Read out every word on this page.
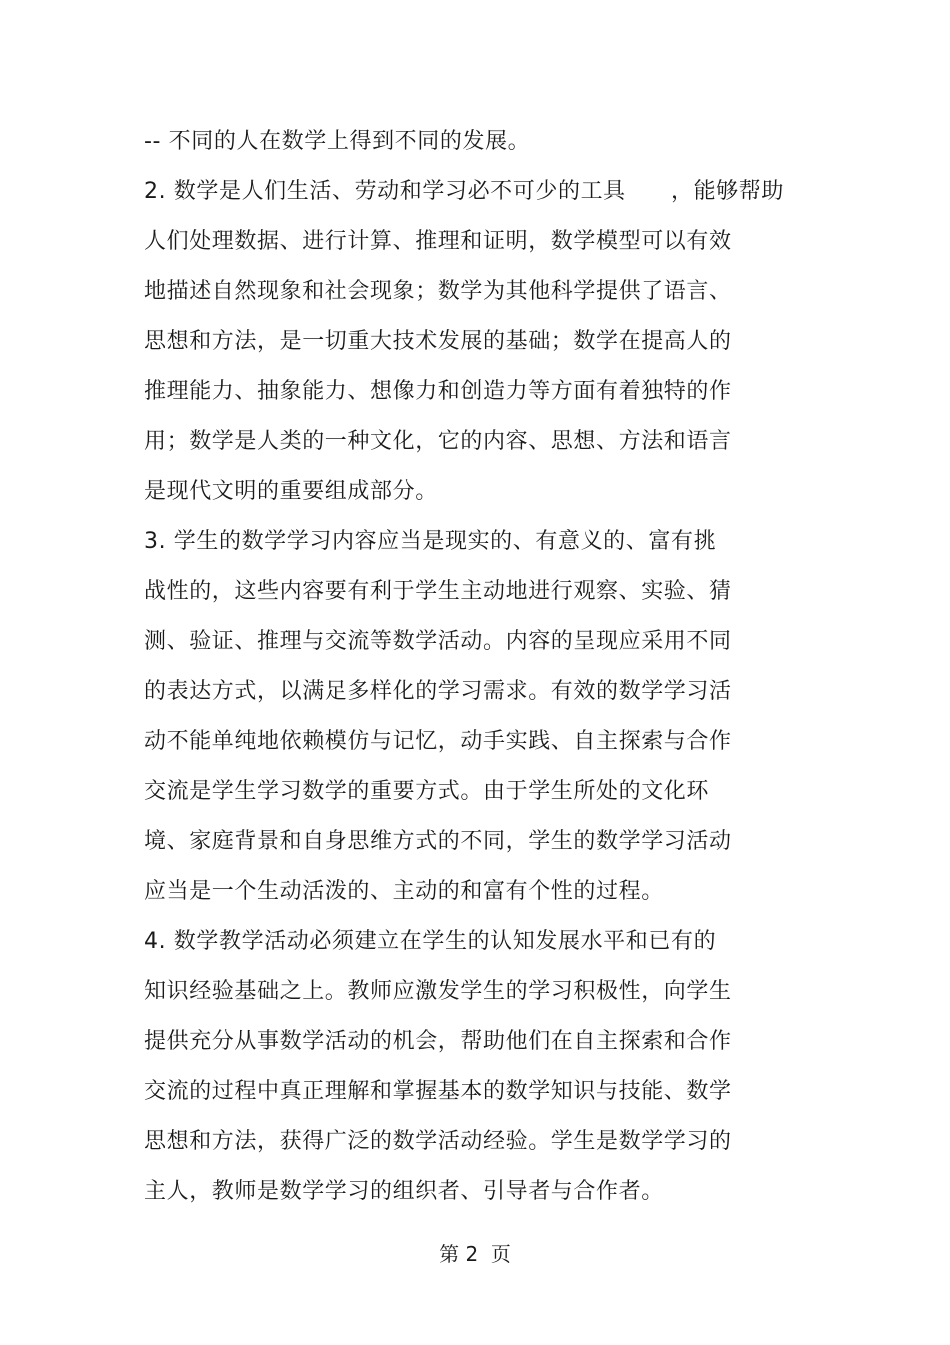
-- 不同的人在数学上得到不同的发展。
2. 数学是人们生活、劳动和学习必不可少的工具　　，能够帮助
人们处理数据、进行计算、推理和证明，数学模型可以有效
地描述自然现象和社会现象；数学为其他科学提供了语言、
思想和方法，是一切重大技术发展的基础；数学在提高人的
推理能力、抽象能力、想像力和创造力等方面有着独特的作
用；数学是人类的一种文化，它的内容、思想、方法和语言
是现代文明的重要组成部分。
3. 学生的数学学习内容应当是现实的、有意义的、富有挑
战性的，这些内容要有利于学生主动地进行观察、实验、猜
测、验证、推理与交流等数学活动。内容的呈现应采用不同
的表达方式，以满足多样化的学习需求。有效的数学学习活
动不能单纯地依赖模仿与记忆，动手实践、自主探索与合作
交流是学生学习数学的重要方式。由于学生所处的文化环
境、家庭背景和自身思维方式的不同，学生的数学学习活动
应当是一个生动活泼的、主动的和富有个性的过程。
4. 数学教学活动必须建立在学生的认知发展水平和已有的
知识经验基础之上。教师应激发学生的学习积极性，向学生
提供充分从事数学活动的机会，帮助他们在自主探索和合作
交流的过程中真正理解和掌握基本的数学知识与技能、数学
思想和方法，获得广泛的数学活动经验。学生是数学学习的
主人，教师是数学学习的组织者、引导者与合作者。
第 2  页
